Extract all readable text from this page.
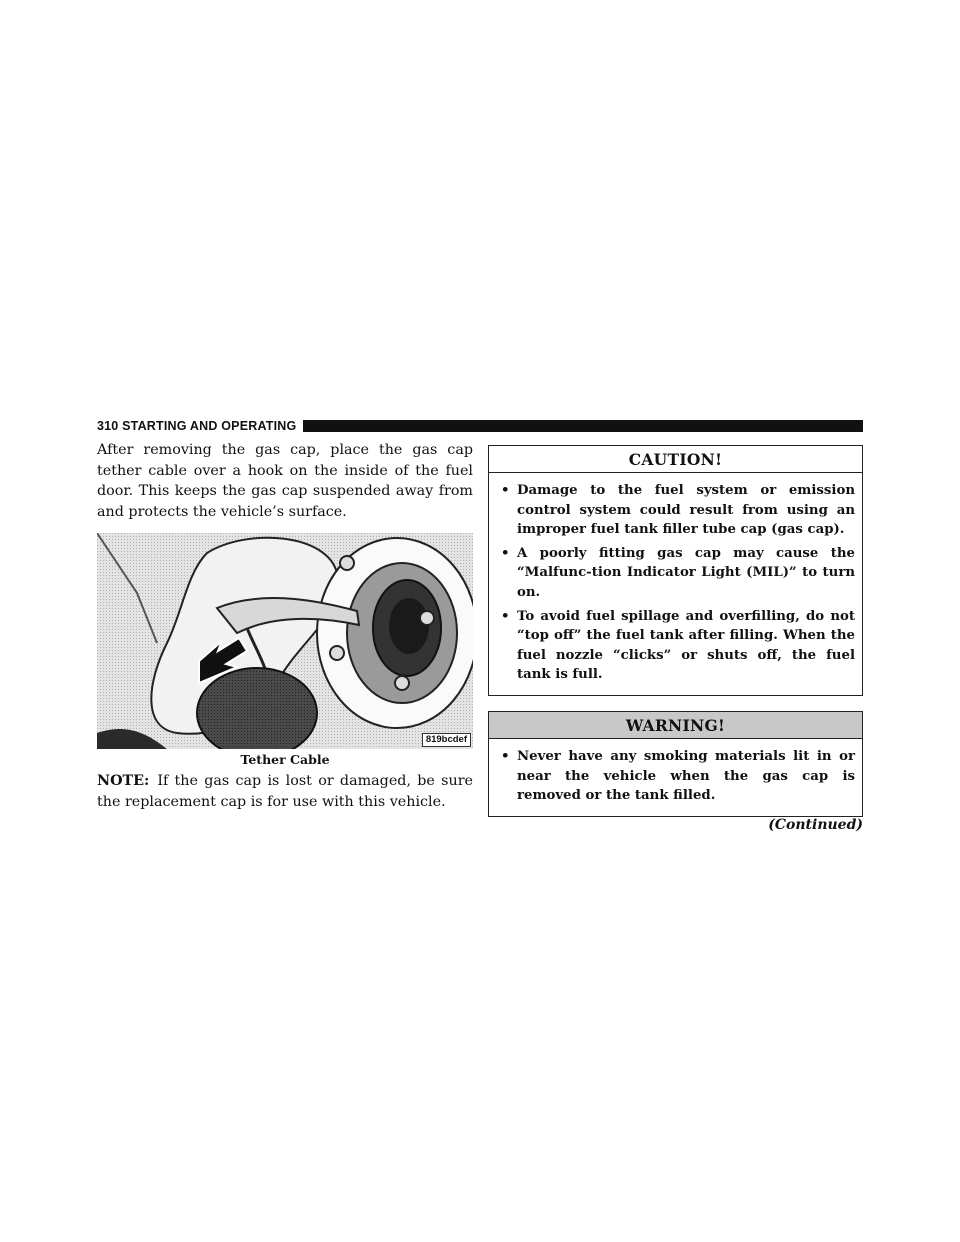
310 STARTING AND OPERATING

After removing the gas cap, place the gas cap tether cable over a hook on the inside of the fuel door. This keeps the gas cap suspended away from and protects the vehicle’s surface.

819bcdef
Tether Cable

NOTE: If the gas cap is lost or damaged, be sure the replacement cap is for use with this vehicle.

CAUTION!
• Damage to the fuel system or emission control system could result from using an improper fuel tank filler tube cap (gas cap).
• A poorly fitting gas cap may cause the “Malfunc-tion Indicator Light (MIL)” to turn on.
• To avoid fuel spillage and overfilling, do not “top off” the fuel tank after filling. When the fuel nozzle “clicks” or shuts off, the fuel tank is full.
WARNING!
• Never have any smoking materials lit in or near the vehicle when the gas cap is removed or the tank filled.
(Continued)
